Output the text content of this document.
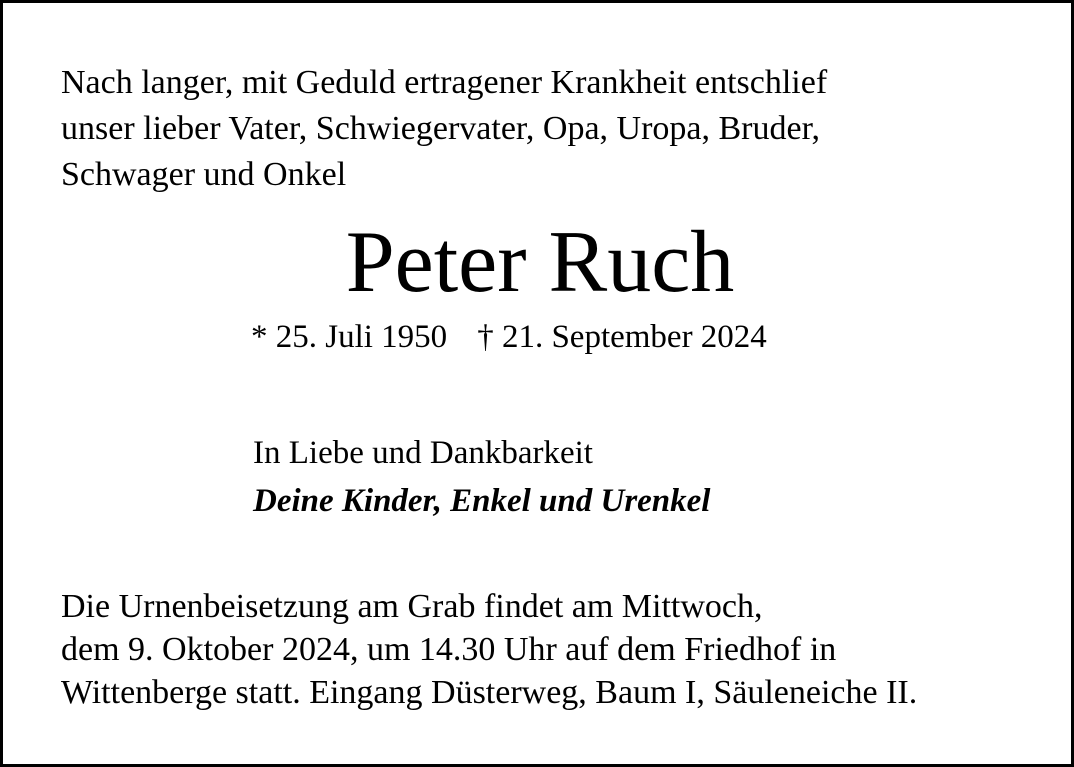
Nach langer, mit Geduld ertragener Krankheit entschlief
unser lieber Vater, Schwiegervater, Opa, Uropa, Bruder,
Schwager und Onkel
Peter Ruch
* 25. Juli 1950 † 21. September 2024
In Liebe und Dankbarkeit
Deine Kinder, Enkel und Urenkel
Die Urnenbeisetzung am Grab findet am Mittwoch,
dem 9. Oktober 2024, um 14.30 Uhr auf dem Friedhof in
Wittenberge statt. Eingang Düsterweg, Baum I, Säuleneiche II.
